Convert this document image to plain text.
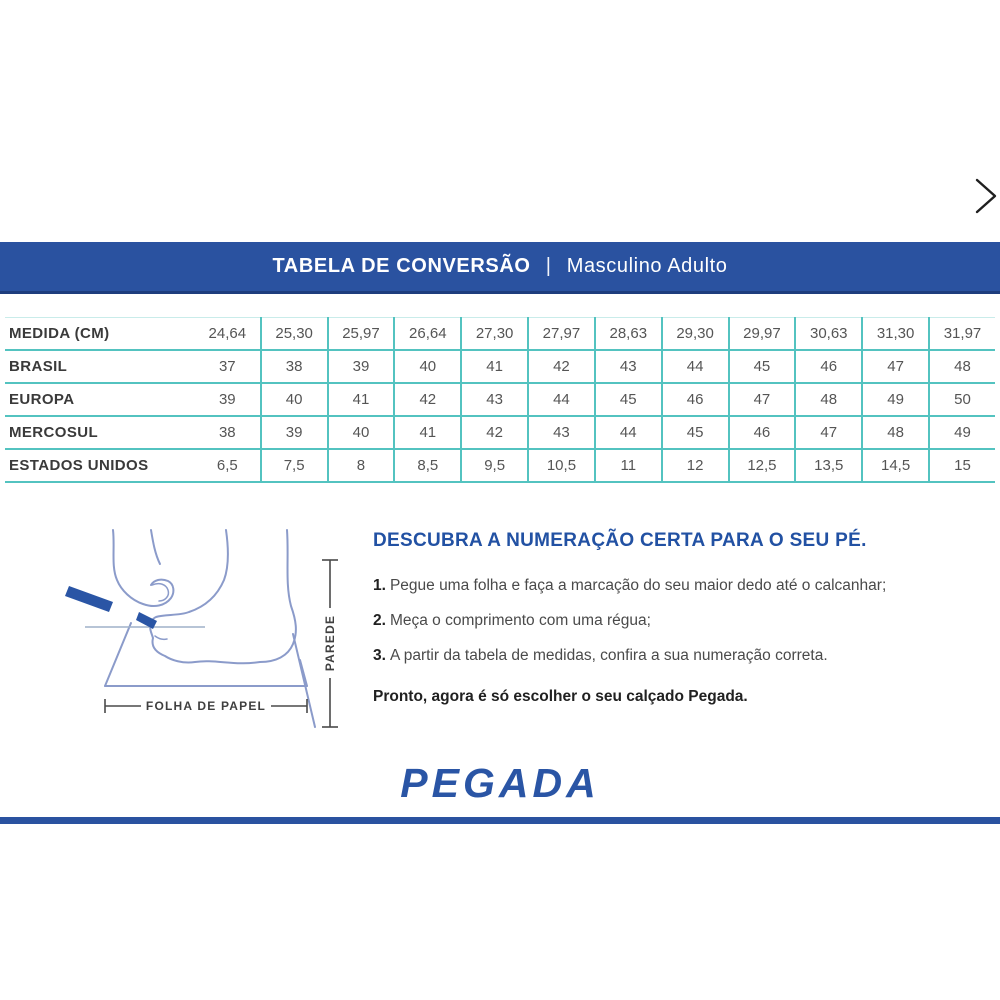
TABELA DE CONVERSÃO | Masculino Adulto
MEDIDA (CM)	24,64	25,30	25,97	26,64	27,30	27,97	28,63	29,30	29,97	30,63	31,30	31,97
BRASIL	37	38	39	40	41	42	43	44	45	46	47	48
EUROPA	39	40	41	42	43	44	45	46	47	48	49	50
MERCOSUL	38	39	40	41	42	43	44	45	46	47	48	49
ESTADOS UNIDOS	6,5	7,5	8	8,5	9,5	10,5	11	12	12,5	13,5	14,5	15
FOLHA DE PAPEL
PAREDE
DESCUBRA A NUMERAÇÃO CERTA PARA O SEU PÉ.
1. Pegue uma folha e faça a marcação do seu maior dedo até o calcanhar;
2. Meça o comprimento com uma régua;
3. A partir da tabela de medidas, confira a sua numeração correta.
Pronto, agora é só escolher o seu calçado Pegada.
PEGADA
